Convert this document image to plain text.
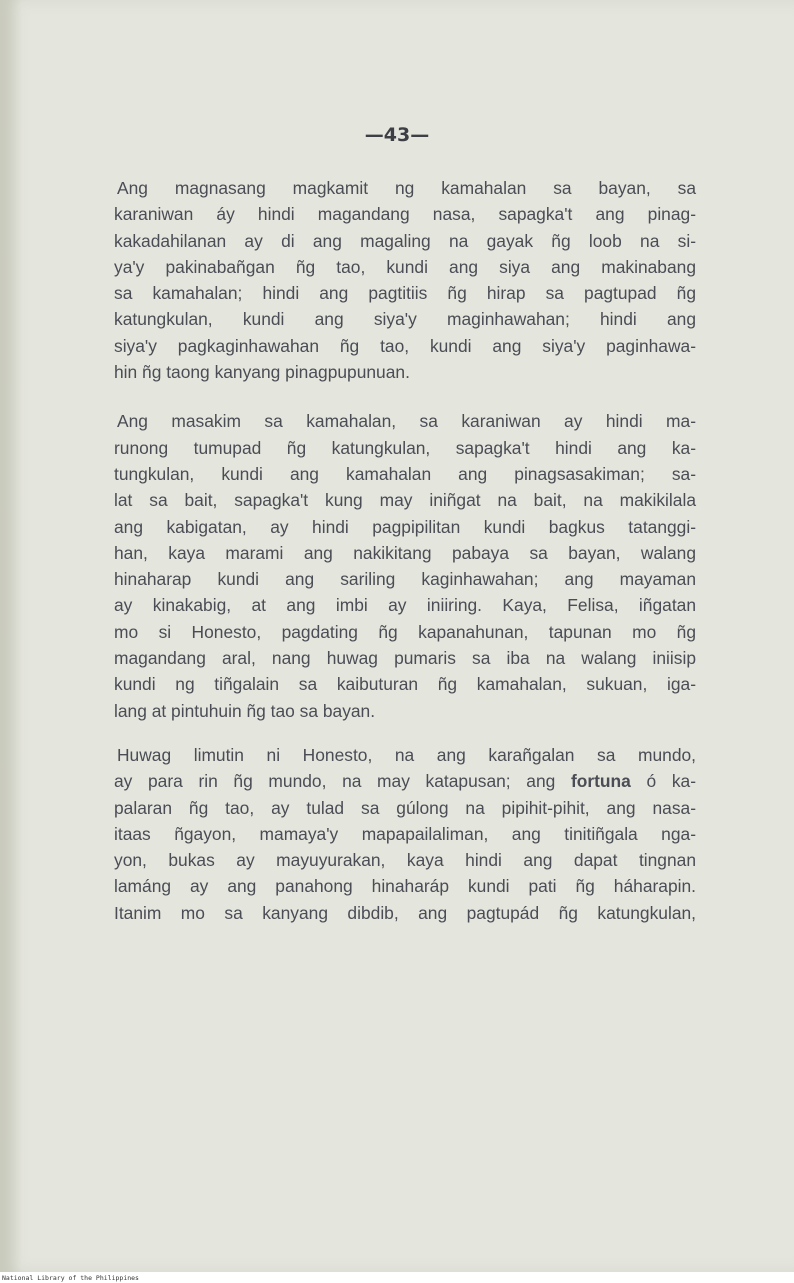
—43—

Ang magnasang magkamit ng kamahalan sa bayan, sa
karaniwan áy hindi magandang nasa, sapagka't ang pinag-
kakadahilanan ay di ang magaling na gayak ñg loob na si-
ya'y pakinabañgan ñg tao, kundi ang siya ang makinabang
sa kamahalan; hindi ang pagtitiis ñg hirap sa pagtupad ñg
katungkulan, kundi ang siya'y maginhawahan; hindi ang
siya'y pagkaginhawahan ñg tao, kundi ang siya'y paginhawa-
hin ñg taong kanyang pinagpupunuan.

Ang masakim sa kamahalan, sa karaniwan ay hindi ma-
runong tumupad ñg katungkulan, sapagka't hindi ang ka-
tungkulan, kundi ang kamahalan ang pinagsasakiman; sa-
lat sa bait, sapagka't kung may iniñgat na bait, na makikilala
ang kabigatan, ay hindi pagpipilitan kundi bagkus tatanggi-
han, kaya marami ang nakikitang pabaya sa bayan, walang
hinaharap kundi ang sariling kaginhawahan; ang mayaman
ay kinakabig, at ang imbi ay iniiring. Kaya, Felisa, iñgatan
mo si Honesto, pagdating ñg kapanahunan, tapunan mo ñg
magandang aral, nang huwag pumaris sa iba na walang iniisip
kundi ng tiñgalain sa kaibuturan ñg kamahalan, sukuan, iga-
lang at pintuhuin ñg tao sa bayan.

Huwag limutin ni Honesto, na ang karañgalan sa mundo,
ay para rin ñg mundo, na may katapusan; ang fortuna ó ka-
palaran ñg tao, ay tulad sa gúlong na pipihit-pihit, ang nasa-
itaas ñgayon, mamaya'y mapapailaliman, ang tinitiñgala nga-
yon, bukas ay mayuyurakan, kaya hindi ang dapat tingnan
lamáng ay ang panahong hinaharáp kundi pati ñg háharapin.
Itanim mo sa kanyang dibdib, ang pagtupád ñg katungkulan,

National Library of the Philippines
